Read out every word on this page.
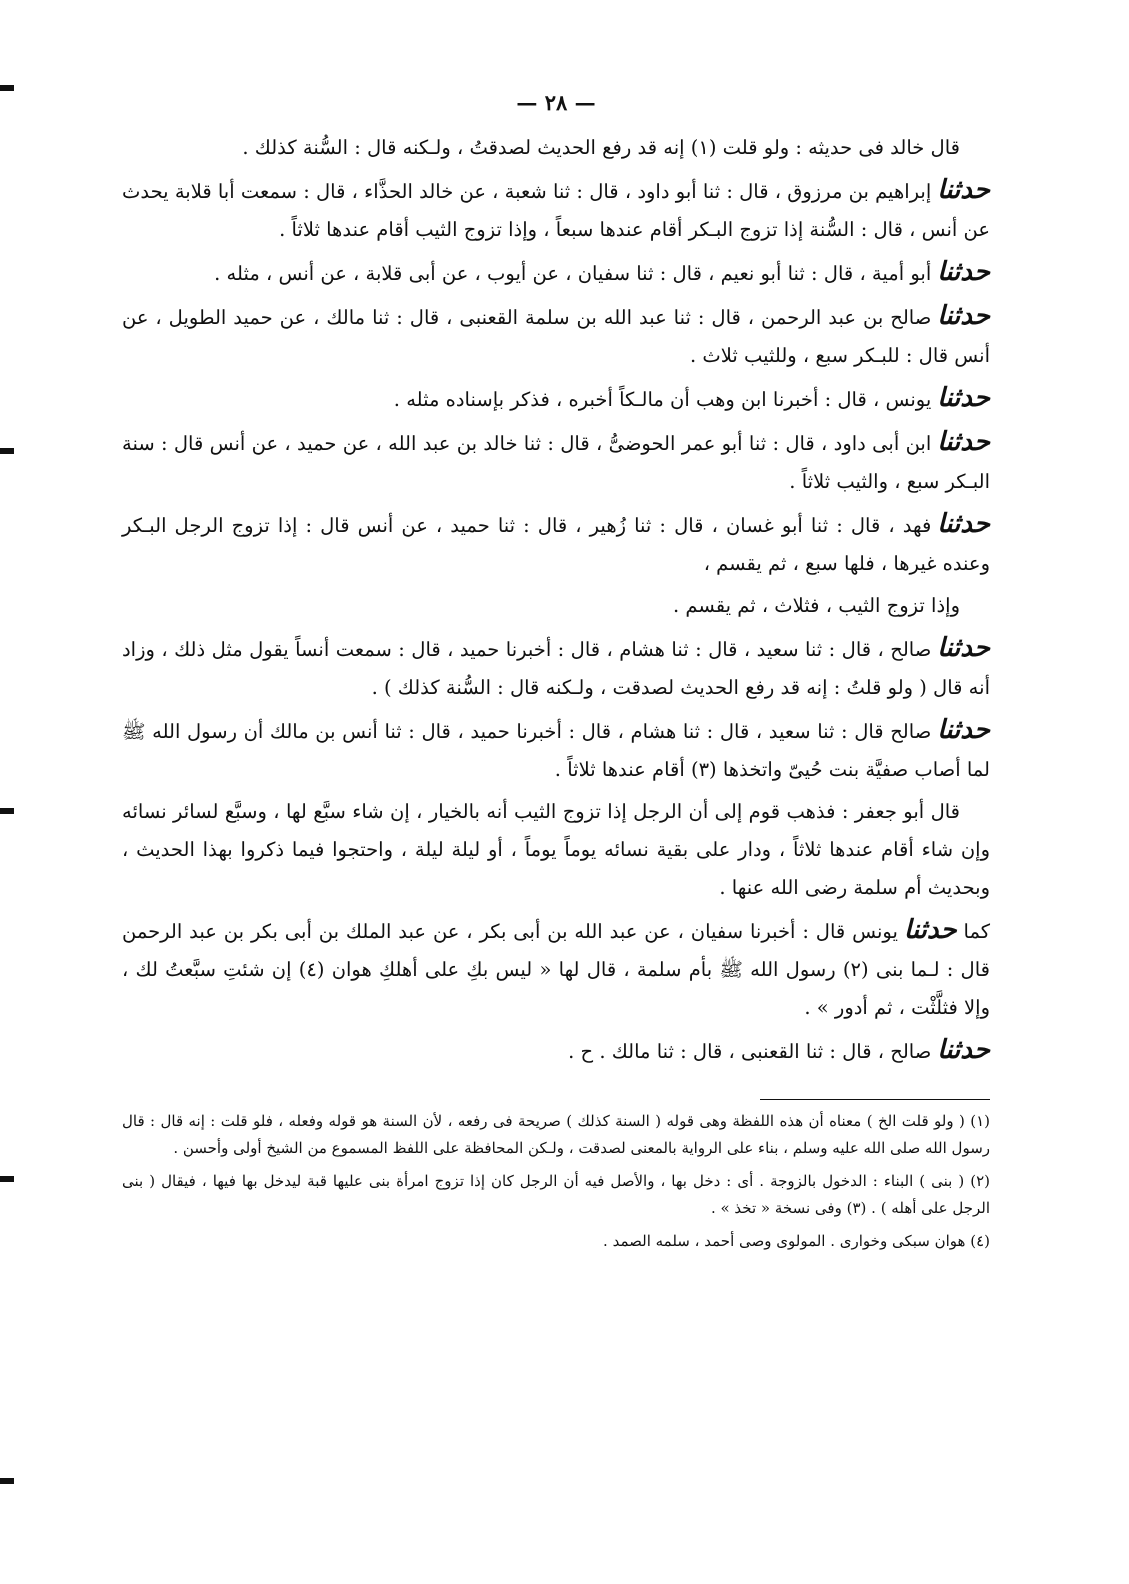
— ٢٨ —

قال خالد فى حديثه : ولو قلت (١) إنه قد رفع الحديث لصدقتُ ، ولـكنه قال : السُّنة كذلك .

حدثناإبراهيم بن مرزوق ، قال : ثنا أبو داود ، قال : ثنا شعبة ، عن خالد الحذَّاء ، قال : سمعت أبا قلابة يحدث عن أنس ، قال : السُّنة إذا تزوج البـكر أقام عندها سبعاً ، وإذا تزوج الثيب أقام عندها ثلاثاً .

حدثناأبو أمية ، قال : ثنا أبو نعيم ، قال : ثنا سفيان ، عن أيوب ، عن أبى قلابة ، عن أنس ، مثله .

حدثناصالح بن عبد الرحمن ، قال : ثنا عبد الله بن سلمة القعنبى ، قال : ثنا مالك ، عن حميد الطويل ، عن أنس قال : للبـكر سبع ، وللثيب ثلاث .

حدثنايونس ، قال : أخبرنا ابن وهب أن مالـكاً أخبره ، فذكر بإسناده مثله .

حدثناابن أبى داود ، قال : ثنا أبو عمر الحوضىُّ ، قال : ثنا خالد بن عبد الله ، عن حميد ، عن أنس قال : سنة البـكر سبع ، والثيب ثلاثاً .

حدثنافهد ، قال : ثنا أبو غسان ، قال : ثنا زُهير ، قال : ثنا حميد ، عن أنس قال : إذا تزوج الرجل البـكر وعنده غيرها ، فلها سبع ، ثم يقسم ،

وإذا تزوج الثيب ، فثلاث ، ثم يقسم .

حدثناصالح ، قال : ثنا سعيد ، قال : ثنا هشام ، قال : أخبرنا حميد ، قال : سمعت أنساً يقول مثل ذلك ، وزاد أنه قال ( ولو قلتُ : إنه قد رفع الحديث لصدقت ، ولـكنه قال : السُّنة كذلك ) .

حدثناصالح قال : ثنا سعيد ، قال : ثنا هشام ، قال : أخبرنا حميد ، قال : ثنا أنس بن مالك أن رسول الله ﷺ لما أصاب صفيَّة بنت حُيىّ واتخذها (٣) أقام عندها ثلاثاً .

قال أبو جعفر : فذهب قوم إلى أن الرجل إذا تزوج الثيب أنه بالخيار ، إن شاء سبَّع لها ، وسبَّع لسائر نسائه وإن شاء أقام عندها ثلاثاً ، ودار على بقية نسائه يوماً يوماً ، أو ليلة ليلة ، واحتجوا فيما ذكروا بهذا الحديث ، وبحديث أم سلمة رضى الله عنها .

كما حدثنايونس قال : أخبرنا سفيان ، عن عبد الله بن أبى بكر ، عن عبد الملك بن أبى بكر بن عبد الرحمن قال : لـما بنى (٢) رسول الله ﷺ بأم سلمة ، قال لها « ليس بكِ على أهلكِ هوان (٤) إن شئتِ سبَّعتُ لك ، وإلا فثلَّثْت ، ثم أدور » .

حدثناصالح ، قال : ثنا القعنبى ، قال : ثنا مالك . ح .

(١) ( ولو قلت الخ ) معناه أن هذه اللفظة وهى قوله ( السنة كذلك ) صريحة فى رفعه ، لأن السنة هو قوله وفعله ، فلو قلت : إنه قال : قال رسول الله صلى الله عليه وسلم ، بناء على الرواية بالمعنى لصدقت ، ولـكن المحافظة على اللفظ المسموع من الشيخ أولى وأحسن .

(٢) ( بنى ) البناء : الدخول بالزوجة . أى : دخل بها ، والأصل فيه أن الرجل كان إذا تزوج امرأة بنى عليها قبة ليدخل بها فيها ، فيقال ( بنى الرجل على أهله ) . (٣) وفى نسخة « تخذ » .

(٤) هوان سبكى وخوارى . المولوى وصى أحمد ، سلمه الصمد .
